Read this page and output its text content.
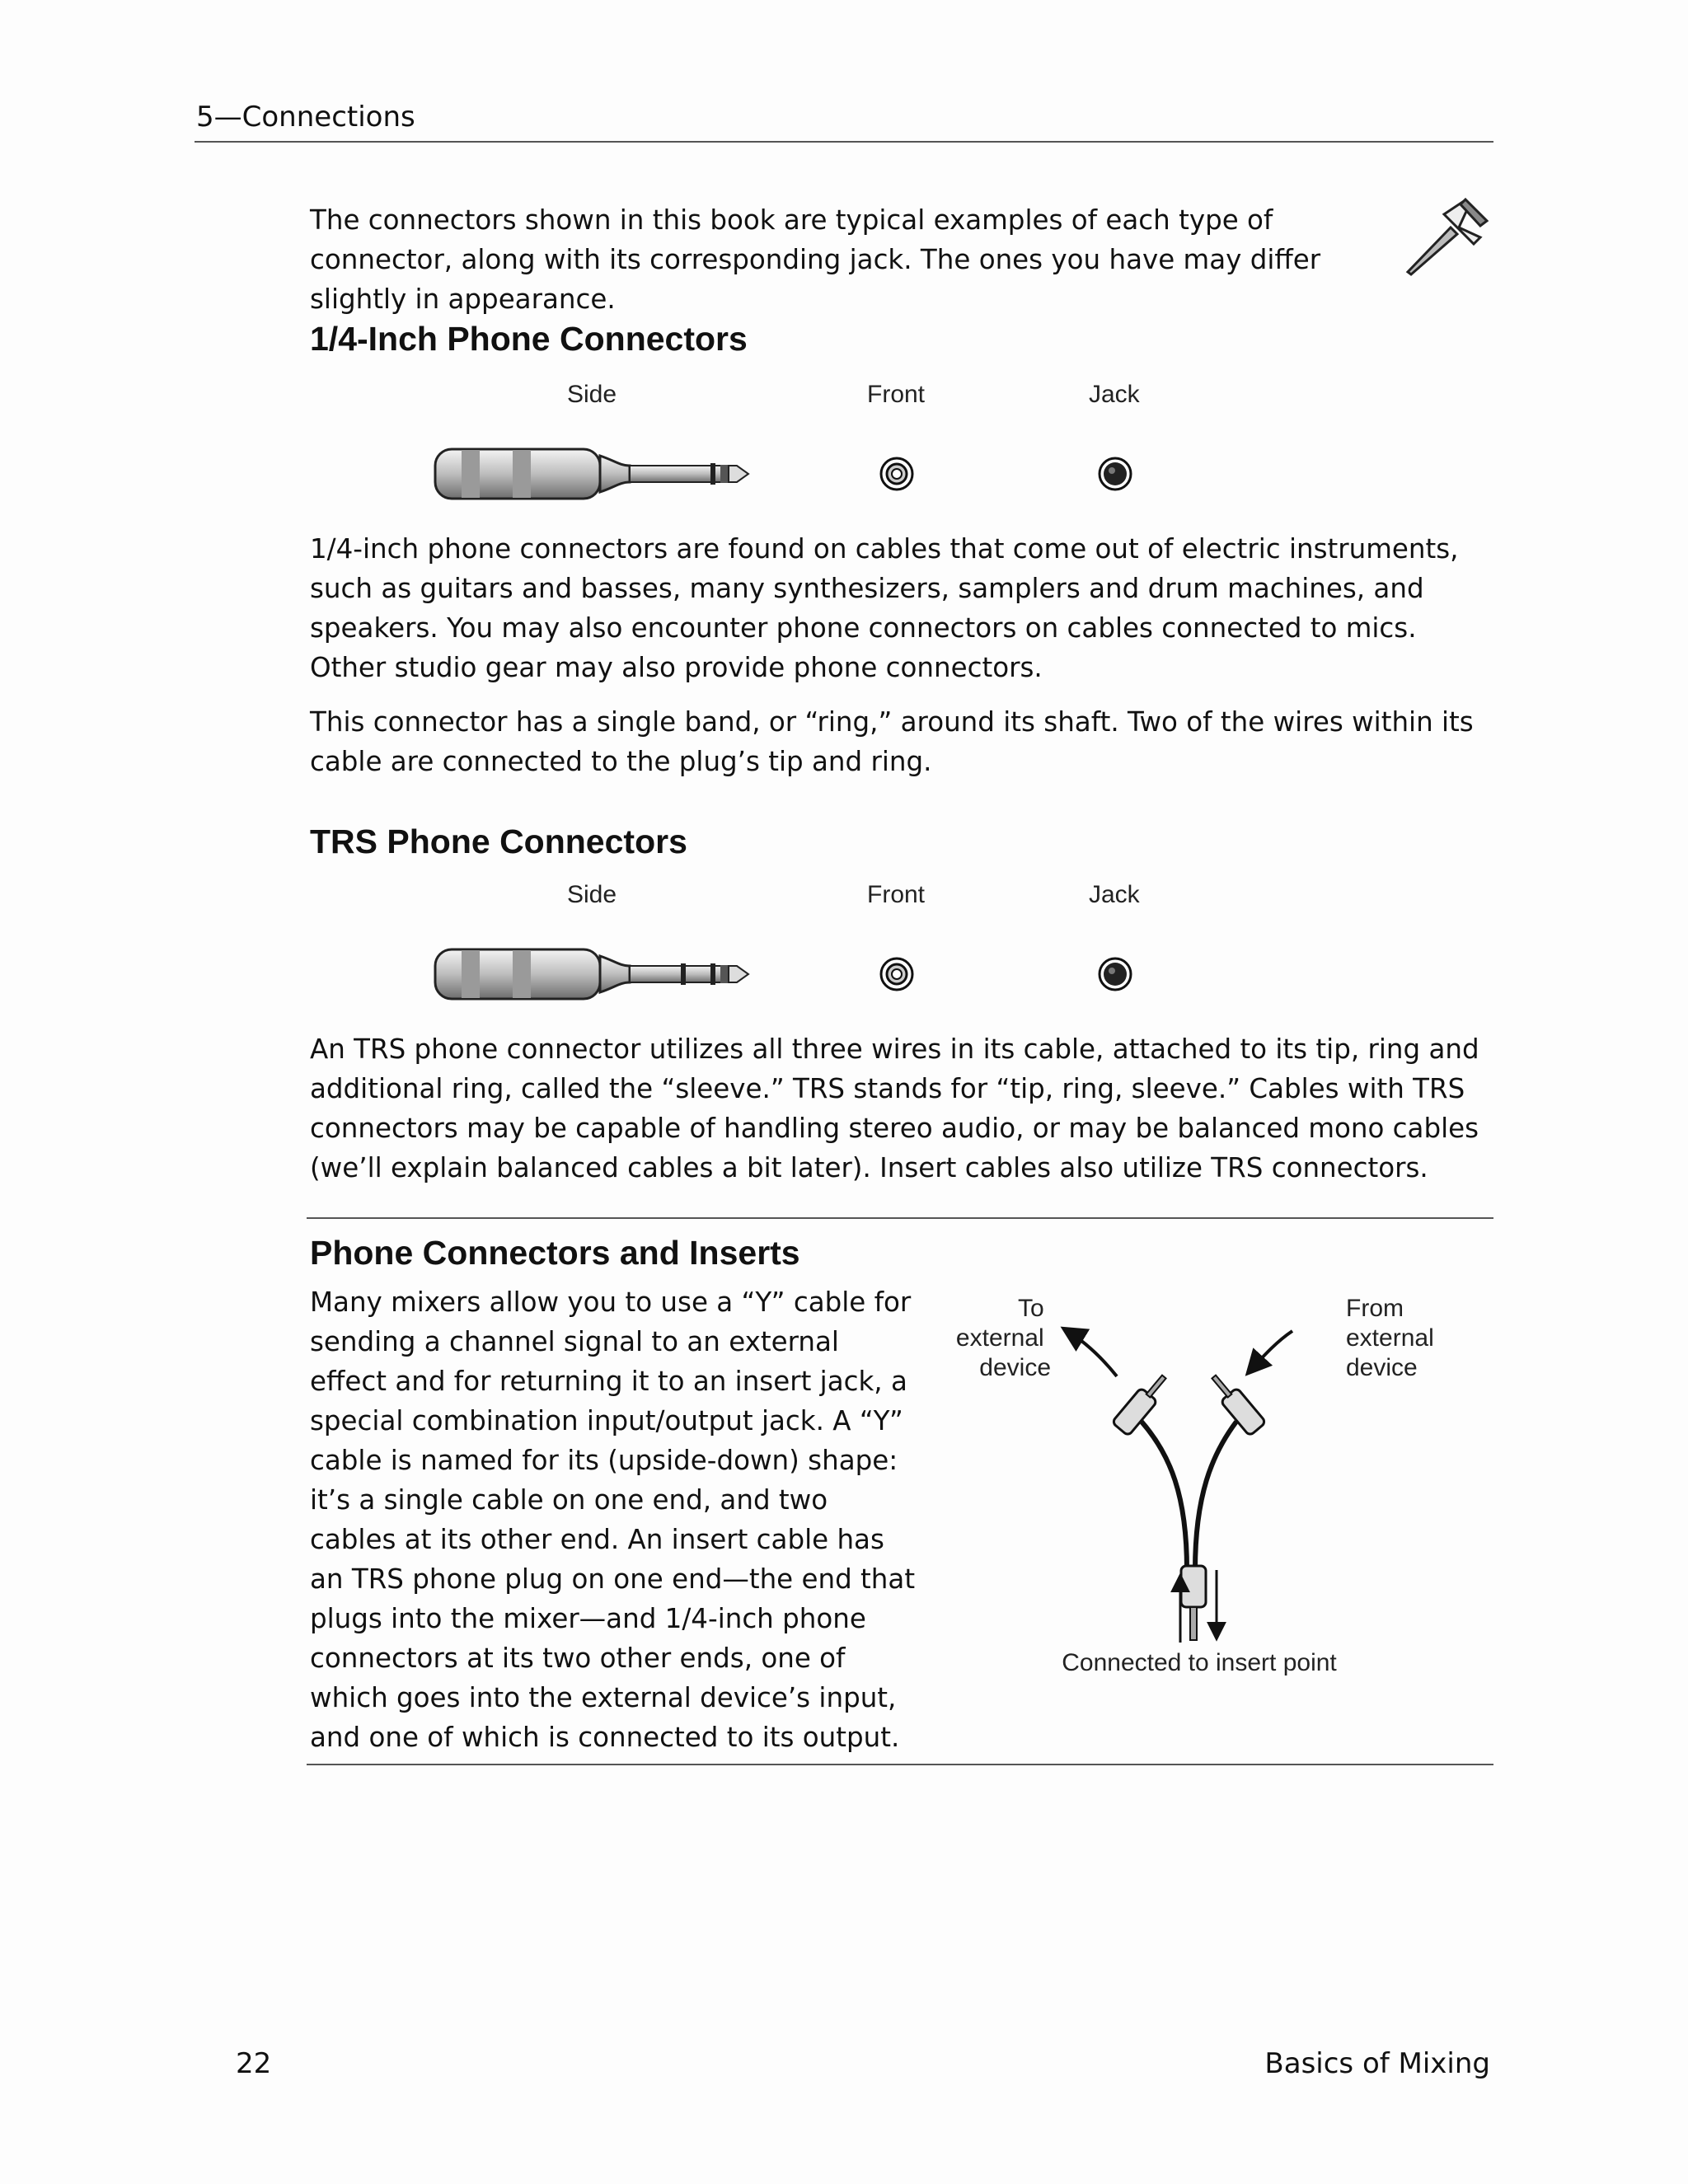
5—Connections

The connectors shown in this book are typical examples of each type of connector, along with its corresponding jack. The ones you have may differ slightly in appearance.

1/4-Inch Phone Connectors
Side	Front	Jack

1/4-inch phone connectors are found on cables that come out of electric instruments, such as guitars and basses, many synthesizers, samplers and drum machines, and speakers. You may also encounter phone connectors on cables connected to mics. Other studio gear may also provide phone connectors.

This connector has a single band, or “ring,” around its shaft. Two of the wires within its cable are connected to the plug’s tip and ring.

TRS Phone Connectors
Side	Front	Jack

An TRS phone connector utilizes all three wires in its cable, attached to its tip, ring and additional ring, called the “sleeve.” TRS stands for “tip, ring, sleeve.” Cables with TRS connectors may be capable of handling stereo audio, or may be balanced mono cables (we’ll explain balanced cables a bit later). Insert cables also utilize TRS connectors.

Phone Connectors and Inserts

Many mixers allow you to use a “Y” cable for sending a channel signal to an external effect and for returning it to an insert jack, a special combination input/output jack. A “Y” cable is named for its (upside-down) shape: it’s a single cable on one end, and two cables at its other end. An insert cable has an TRS phone plug on one end—the end that plugs into the mixer—and 1/4-inch phone connectors at its two other ends, one of which goes into the external device’s input, and one of which is connected to its output.

To external device
From external device
Connected to insert point
22	Basics of Mixing
